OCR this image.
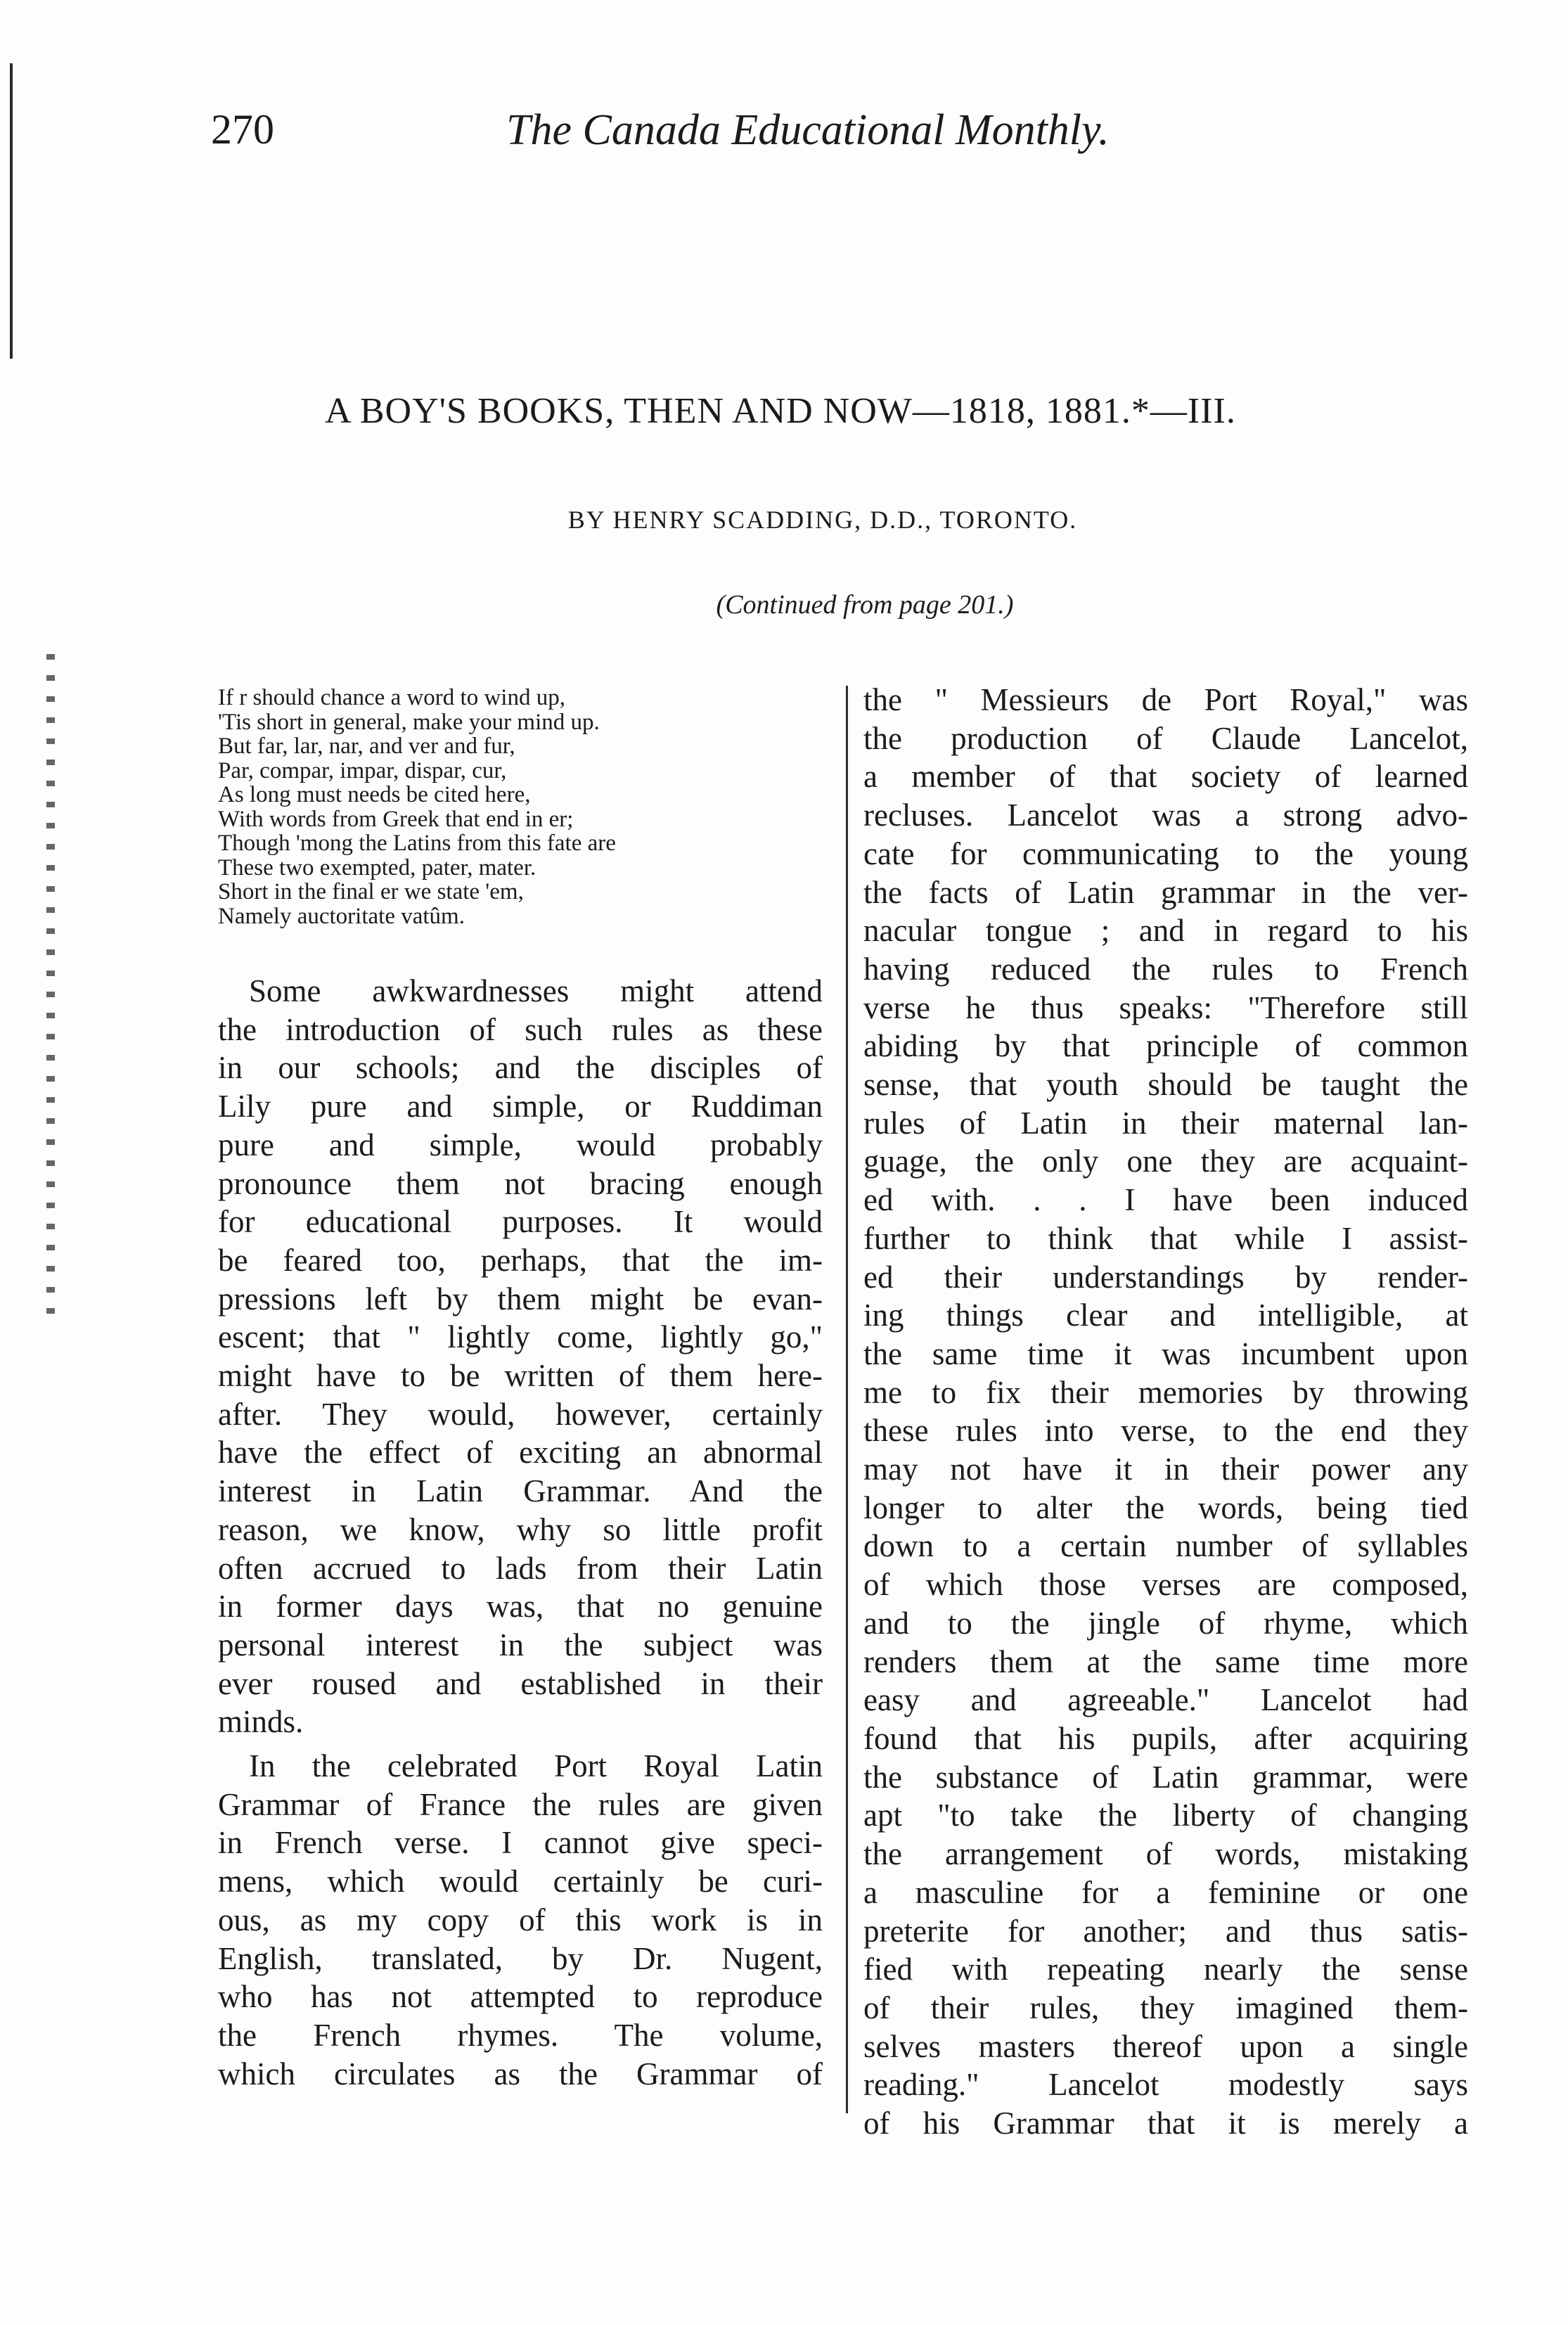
270	The Canada Educational Monthly.
A BOY'S BOOKS, THEN AND NOW—1818, 1881.*—III.
BY HENRY SCADDING, D.D., TORONTO.
(Continued from page 201.)
If r should chance a word to wind up,
'Tis short in general, make your mind up.
But far, lar, nar, and ver and fur,
Par, compar, impar, dispar, cur,
As long must needs be cited here,
With words from Greek that end in er;
Though 'mong the Latins from this fate are
These two exempted, pater, mater.
Short in the final er we state 'em,
Namely auctoritate vatûm.
Some awkwardnesses might attend
the introduction of such rules as these
in our schools; and the disciples of
Lily pure and simple, or Ruddiman
pure and simple, would probably
pronounce them not bracing enough
for educational purposes. It would
be feared too, perhaps, that the im-
pressions left by them might be evan-
escent; that " lightly come, lightly go,"
might have to be written of them here-
after. They would, however, certainly
have the effect of exciting an abnormal
interest in Latin Grammar. And the
reason, we know, why so little profit
often accrued to lads from their Latin
in former days was, that no genuine
personal interest in the subject was
ever roused and established in their
minds.
In the celebrated Port Royal Latin
Grammar of France the rules are given
in French verse. I cannot give speci-
mens, which would certainly be curi-
ous, as my copy of this work is in
English, translated, by Dr. Nugent,
who has not attempted to reproduce
the French rhymes. The volume,
which circulates as the Grammar of
the " Messieurs de Port Royal," was
the production of Claude Lancelot,
a member of that society of learned
recluses. Lancelot was a strong advo-
cate for communicating to the young
the facts of Latin grammar in the ver-
nacular tongue ; and in regard to his
having reduced the rules to French
verse he thus speaks: "Therefore still
abiding by that principle of common
sense, that youth should be taught the
rules of Latin in their maternal lan-
guage, the only one they are acquaint-
ed with. . . I have been induced
further to think that while I assist-
ed their understandings by render-
ing things clear and intelligible, at
the same time it was incumbent upon
me to fix their memories by throwing
these rules into verse, to the end they
may not have it in their power any
longer to alter the words, being tied
down to a certain number of syllables
of which those verses are composed,
and to the jingle of rhyme, which
renders them at the same time more
easy and agreeable." Lancelot had
found that his pupils, after acquiring
the substance of Latin grammar, were
apt "to take the liberty of changing
the arrangement of words, mistaking
a masculine for a feminine or one
preterite for another; and thus satis-
fied with repeating nearly the sense
of their rules, they imagined them-
selves masters thereof upon a single
reading." Lancelot modestly says
of his Grammar that it is merely a
